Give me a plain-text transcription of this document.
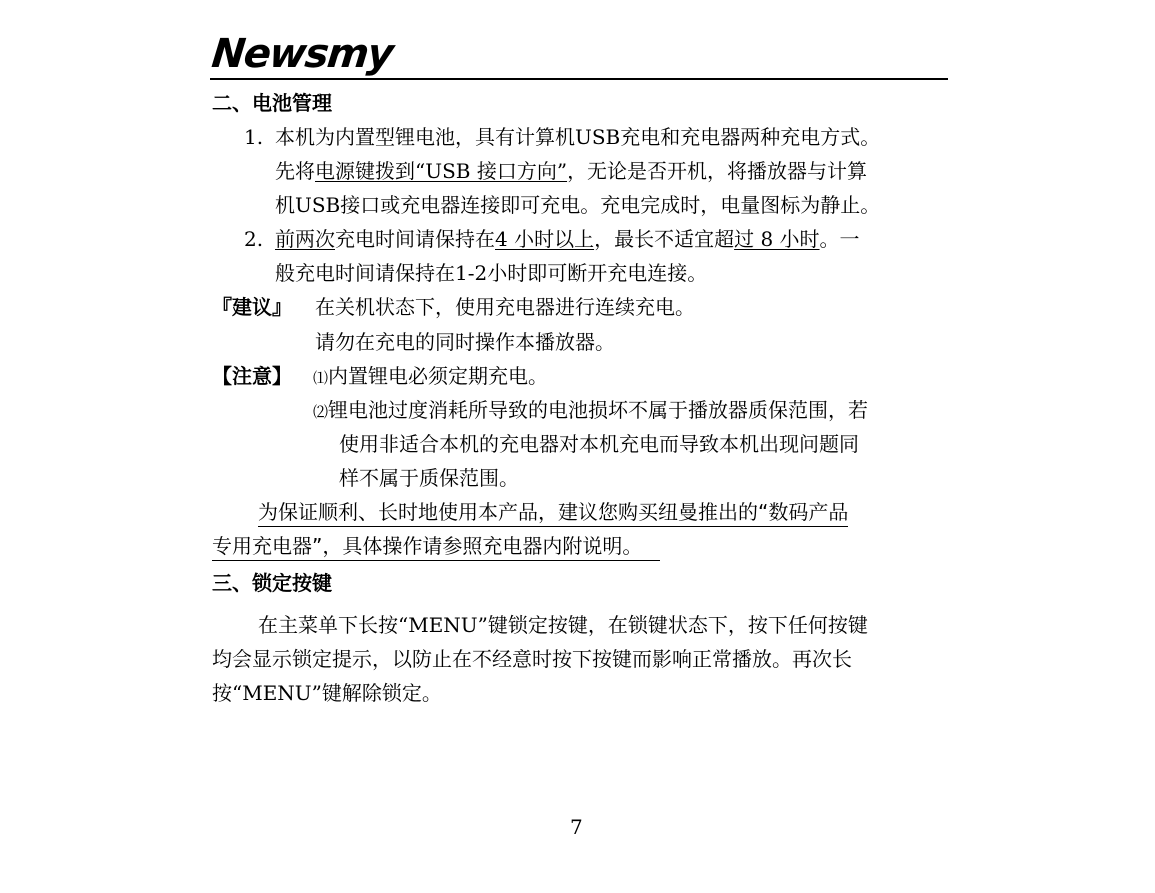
Newsmy
二、电池管理
1. 本机为内置型锂电池，具有计算机USB充电和充电器两种充电方式。
先将电源键拨到“USB 接口方向”，无论是否开机，将播放器与计算
机USB接口或充电器连接即可充电。充电完成时，电量图标为静止。
2. 前两次充电时间请保持在4 小时以上，最长不适宜超过 8 小时。一
般充电时间请保持在1-2小时即可断开充电连接。
『建议』 在关机状态下，使用充电器进行连续充电。
请勿在充电的同时操作本播放器。
【注意】 ⑴内置锂电必须定期充电。
⑵锂电池过度消耗所导致的电池损坏不属于播放器质保范围，若
使用非适合本机的充电器对本机充电而导致本机出现问题同
样不属于质保范围。
为保证顺利、长时地使用本产品，建议您购买纽曼推出的“数码产品
专用充电器”，具体操作请参照充电器内附说明。
三、锁定按键
在主菜单下长按“MENU”键锁定按键，在锁键状态下，按下任何按键
均会显示锁定提示，以防止在不经意时按下按键而影响正常播放。再次长
按“MENU”键解除锁定。
7
